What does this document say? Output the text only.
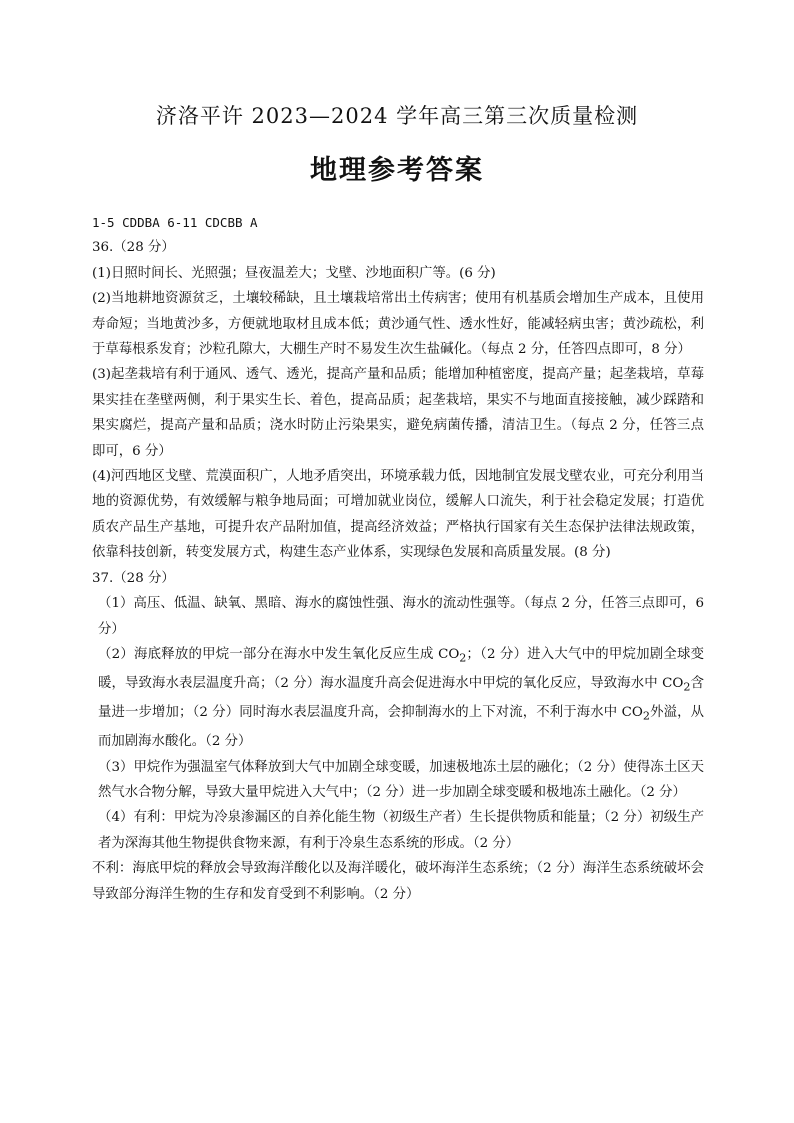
济洛平许 2023—2024 学年高三第三次质量检测
地理参考答案

1-5 CDDBA 6-11 CDCBB A

36.（28 分）

(1)日照时间长、光照强；昼夜温差大；戈壁、沙地面积广等。(6 分)

(2)当地耕地资源贫乏，土壤较稀缺，且土壤栽培常出土传病害；使用有机基质会增加生产成本，且使用寿命短；当地黄沙多，方便就地取材且成本低；黄沙通气性、透水性好，能减轻病虫害；黄沙疏松，利于草莓根系发育；沙粒孔隙大，大棚生产时不易发生次生盐碱化。（每点 2 分，任答四点即可，8 分）

(3)起垄栽培有利于通风、透气、透光，提高产量和品质；能增加种植密度，提高产量；起垄栽培，草莓果实挂在垄壁两侧，利于果实生长、着色，提高品质；起垄栽培，果实不与地面直接接触，减少踩踏和果实腐烂，提高产量和品质；浇水时防止污染果实，避免病菌传播，清洁卫生。（每点 2 分，任答三点即可，6 分）

(4)河西地区戈壁、荒漠面积广，人地矛盾突出，环境承载力低，因地制宜发展戈壁农业，可充分利用当地的资源优势，有效缓解与粮争地局面；可增加就业岗位，缓解人口流失，利于社会稳定发展；打造优质农产品生产基地，可提升农产品附加值，提高经济效益；严格执行国家有关生态保护法律法规政策，依靠科技创新，转变发展方式，构建生态产业体系，实现绿色发展和高质量发展。(8 分)

37.（28 分）

（1）高压、低温、缺氧、黑暗、海水的腐蚀性强、海水的流动性强等。（每点 2 分，任答三点即可，6 分）

（2）海底释放的甲烷一部分在海水中发生氧化反应生成 $CO_2$；（2 分）进入大气中的甲烷加剧全球变暖，导致海水表层温度升高；（2 分）海水温度升高会促进海水中甲烷的氧化反应，导致海水中 $CO_2$含量进一步增加；（2 分）同时海水表层温度升高，会抑制海水的上下对流，不利于海水中 $CO_2$外溢，从而加剧海水酸化。（2 分）

（3）甲烷作为强温室气体释放到大气中加剧全球变暖，加速极地冻土层的融化；（2 分）使得冻土区天然气水合物分解，导致大量甲烷进入大气中；（2 分）进一步加剧全球变暖和极地冻土融化。（2 分）

（4）有利：甲烷为冷泉渗漏区的自养化能生物（初级生产者）生长提供物质和能量；（2 分）初级生产者为深海其他生物提供食物来源，有利于冷泉生态系统的形成。（2 分）

不利：海底甲烷的释放会导致海洋酸化以及海洋暖化，破坏海洋生态系统；（2 分）海洋生态系统破坏会导致部分海洋生物的生存和发育受到不利影响。（2 分）
